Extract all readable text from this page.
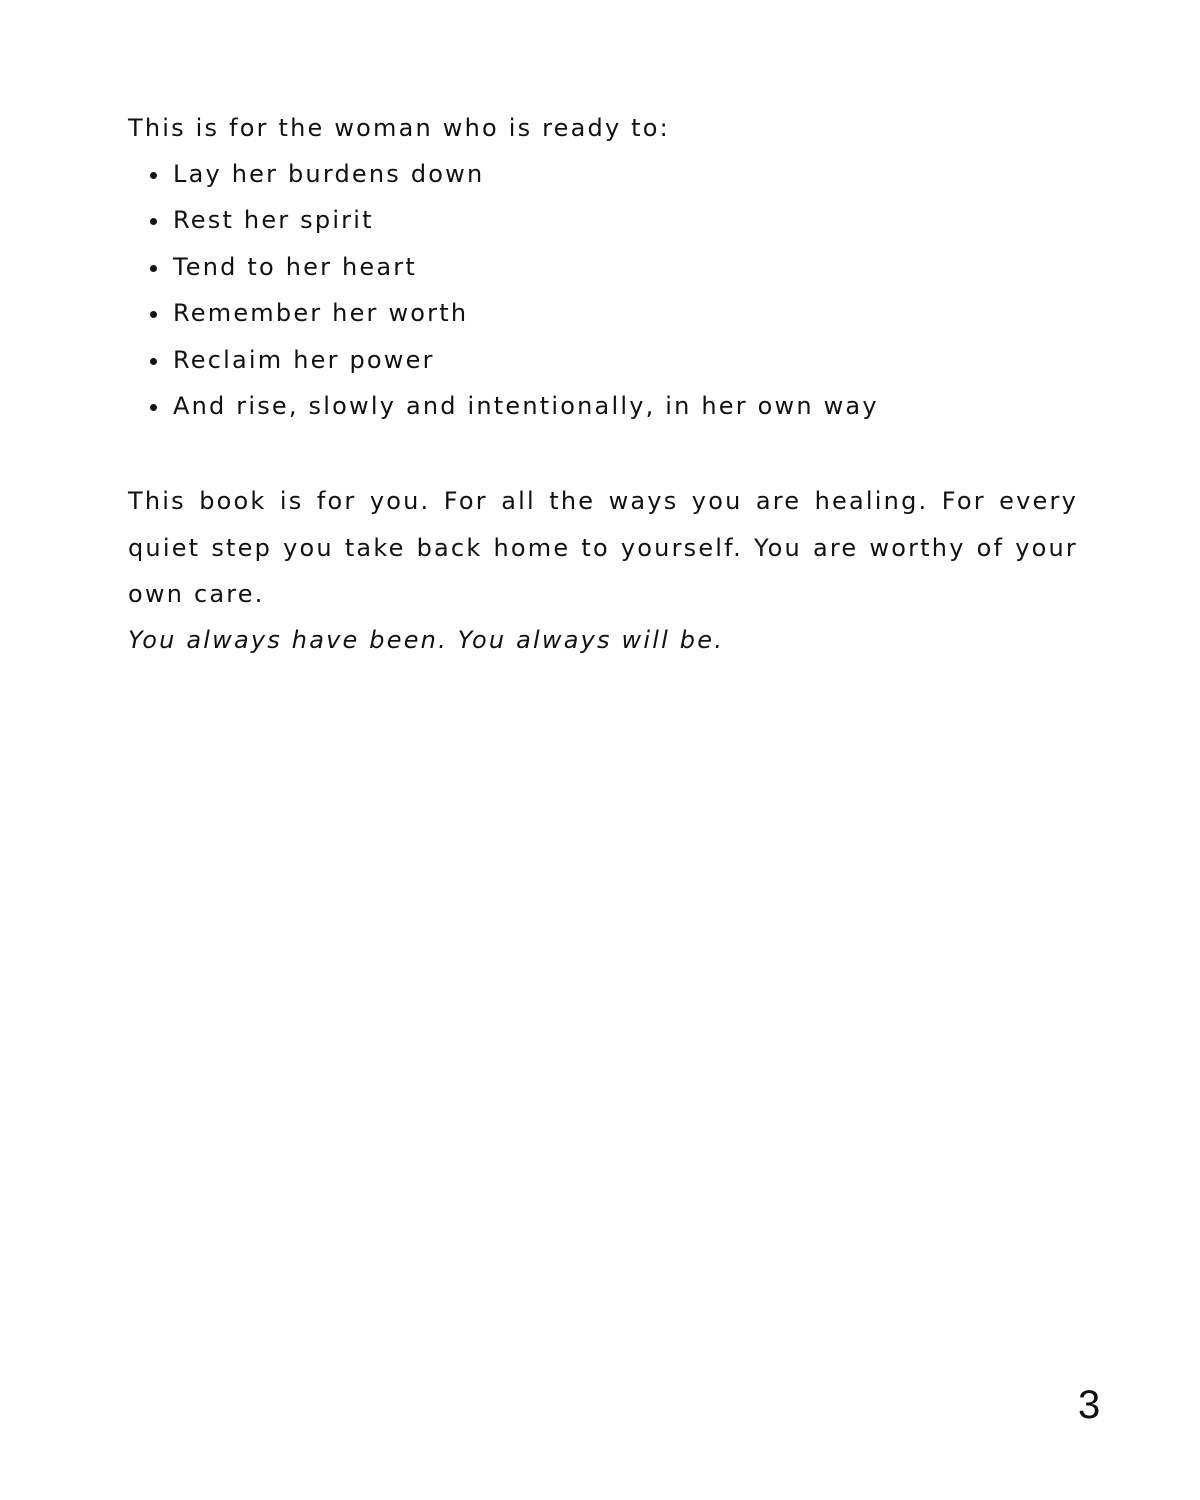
This is for the woman who is ready to:

Lay her burdens down
Rest her spirit
Tend to her heart
Remember her worth
Reclaim her power
And rise, slowly and intentionally, in her own way

This book is for you. For all the ways you are healing. For every quiet step you take back home to yourself. You are worthy of your own care.

You always have been. You always will be.

3
